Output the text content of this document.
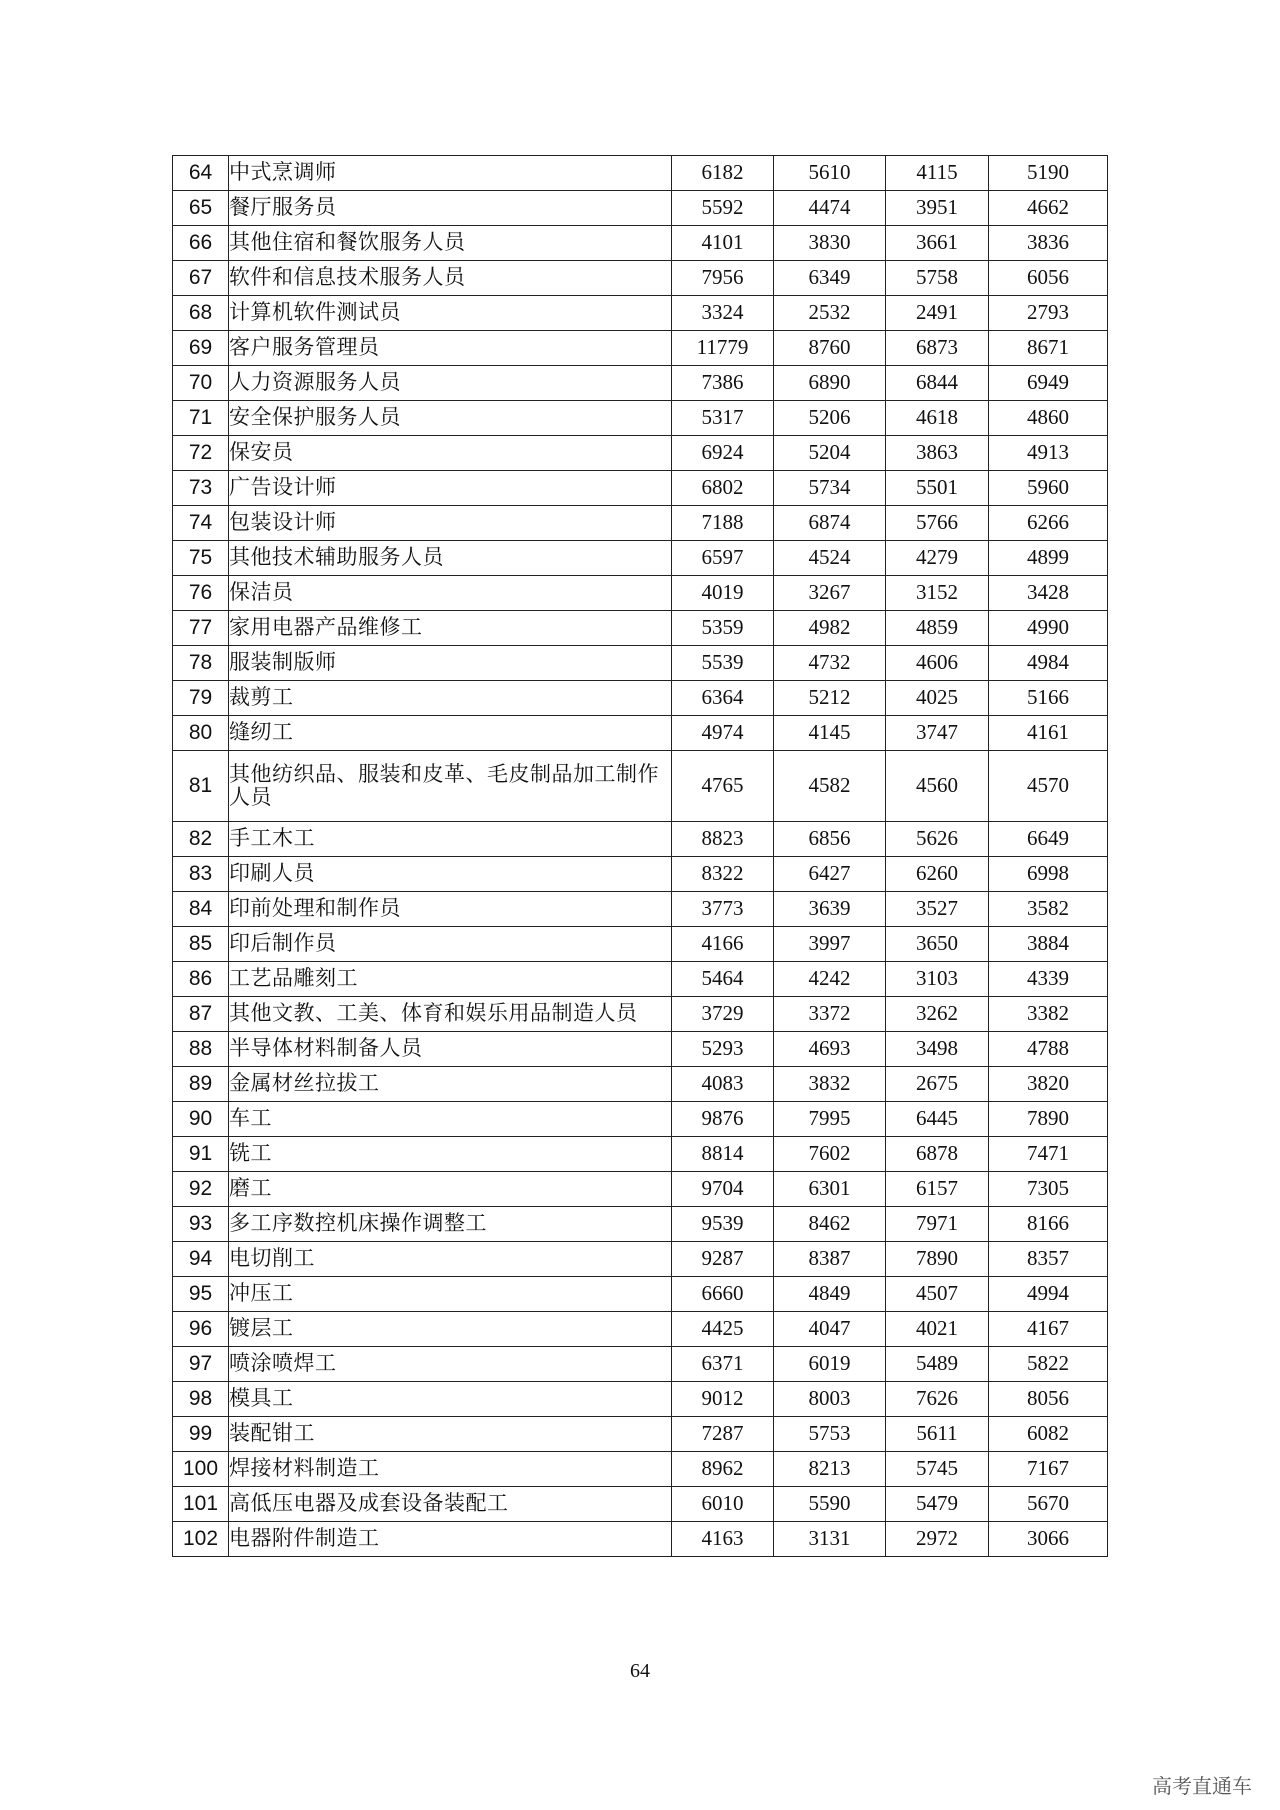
64	中式烹调师	6182	5610	4115	5190
65	餐厅服务员	5592	4474	3951	4662
66	其他住宿和餐饮服务人员	4101	3830	3661	3836
67	软件和信息技术服务人员	7956	6349	5758	6056
68	计算机软件测试员	3324	2532	2491	2793
69	客户服务管理员	11779	8760	6873	8671
70	人力资源服务人员	7386	6890	6844	6949
71	安全保护服务人员	5317	5206	4618	4860
72	保安员	6924	5204	3863	4913
73	广告设计师	6802	5734	5501	5960
74	包装设计师	7188	6874	5766	6266
75	其他技术辅助服务人员	6597	4524	4279	4899
76	保洁员	4019	3267	3152	3428
77	家用电器产品维修工	5359	4982	4859	4990
78	服装制版师	5539	4732	4606	4984
79	裁剪工	6364	5212	4025	5166
80	缝纫工	4974	4145	3747	4161
81	其他纺织品、服装和皮革、毛皮制品加工制作人员	4765	4582	4560	4570
82	手工木工	8823	6856	5626	6649
83	印刷人员	8322	6427	6260	6998
84	印前处理和制作员	3773	3639	3527	3582
85	印后制作员	4166	3997	3650	3884
86	工艺品雕刻工	5464	4242	3103	4339
87	其他文教、工美、体育和娱乐用品制造人员	3729	3372	3262	3382
88	半导体材料制备人员	5293	4693	3498	4788
89	金属材丝拉拔工	4083	3832	2675	3820
90	车工	9876	7995	6445	7890
91	铣工	8814	7602	6878	7471
92	磨工	9704	6301	6157	7305
93	多工序数控机床操作调整工	9539	8462	7971	8166
94	电切削工	9287	8387	7890	8357
95	冲压工	6660	4849	4507	4994
96	镀层工	4425	4047	4021	4167
97	喷涂喷焊工	6371	6019	5489	5822
98	模具工	9012	8003	7626	8056
99	装配钳工	7287	5753	5611	6082
100	焊接材料制造工	8962	8213	5745	7167
101	高低压电器及成套设备装配工	6010	5590	5479	5670
102	电器附件制造工	4163	3131	2972	3066
64
高考直通车
